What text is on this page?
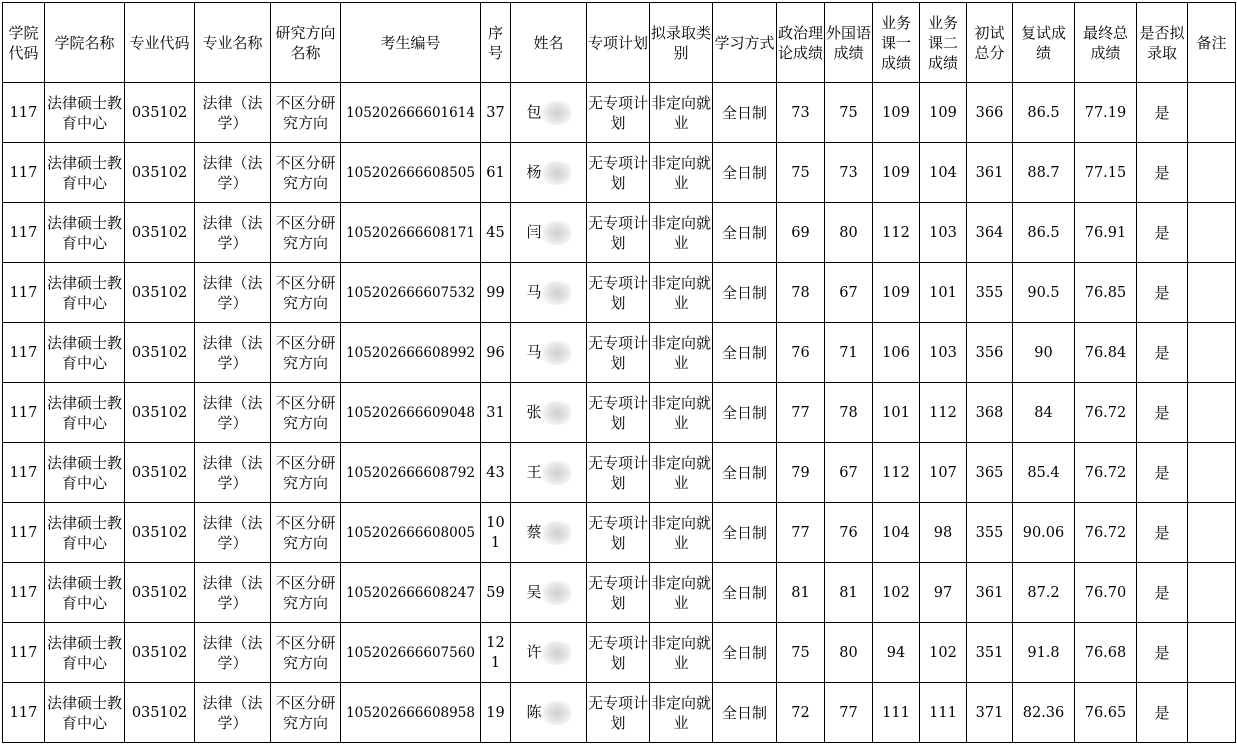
学院代码	学院名称	专业代码	专业名称	研究方向名称	考生编号	序号	姓名	专项计划	拟录取类别	学习方式	政治理论成绩	外国语成绩	业务课一成绩	业务课二成绩	初试总分	复试成绩	最终总成绩	是否拟录取	备注
117	法律硕士教育中心	035102	法律（法学）	不区分研究方向	105202666601614	37	包	无专项计划	非定向就业	全日制	73	75	109	109	366	86.5	77.19	是	
117	法律硕士教育中心	035102	法律（法学）	不区分研究方向	105202666608505	61	杨	无专项计划	非定向就业	全日制	75	73	109	104	361	88.7	77.15	是	
117	法律硕士教育中心	035102	法律（法学）	不区分研究方向	105202666608171	45	闫	无专项计划	非定向就业	全日制	69	80	112	103	364	86.5	76.91	是	
117	法律硕士教育中心	035102	法律（法学）	不区分研究方向	105202666607532	99	马	无专项计划	非定向就业	全日制	78	67	109	101	355	90.5	76.85	是	
117	法律硕士教育中心	035102	法律（法学）	不区分研究方向	105202666608992	96	马	无专项计划	非定向就业	全日制	76	71	106	103	356	90	76.84	是	
117	法律硕士教育中心	035102	法律（法学）	不区分研究方向	105202666609048	31	张	无专项计划	非定向就业	全日制	77	78	101	112	368	84	76.72	是	
117	法律硕士教育中心	035102	法律（法学）	不区分研究方向	105202666608792	43	王	无专项计划	非定向就业	全日制	79	67	112	107	365	85.4	76.72	是	
117	法律硕士教育中心	035102	法律（法学）	不区分研究方向	105202666608005	101	蔡	无专项计划	非定向就业	全日制	77	76	104	98	355	90.06	76.72	是	
117	法律硕士教育中心	035102	法律（法学）	不区分研究方向	105202666608247	59	吴	无专项计划	非定向就业	全日制	81	81	102	97	361	87.2	76.70	是	
117	法律硕士教育中心	035102	法律（法学）	不区分研究方向	105202666607560	121	许	无专项计划	非定向就业	全日制	75	80	94	102	351	91.8	76.68	是	
117	法律硕士教育中心	035102	法律（法学）	不区分研究方向	105202666608958	19	陈	无专项计划	非定向就业	全日制	72	77	111	111	371	82.36	76.65	是	
